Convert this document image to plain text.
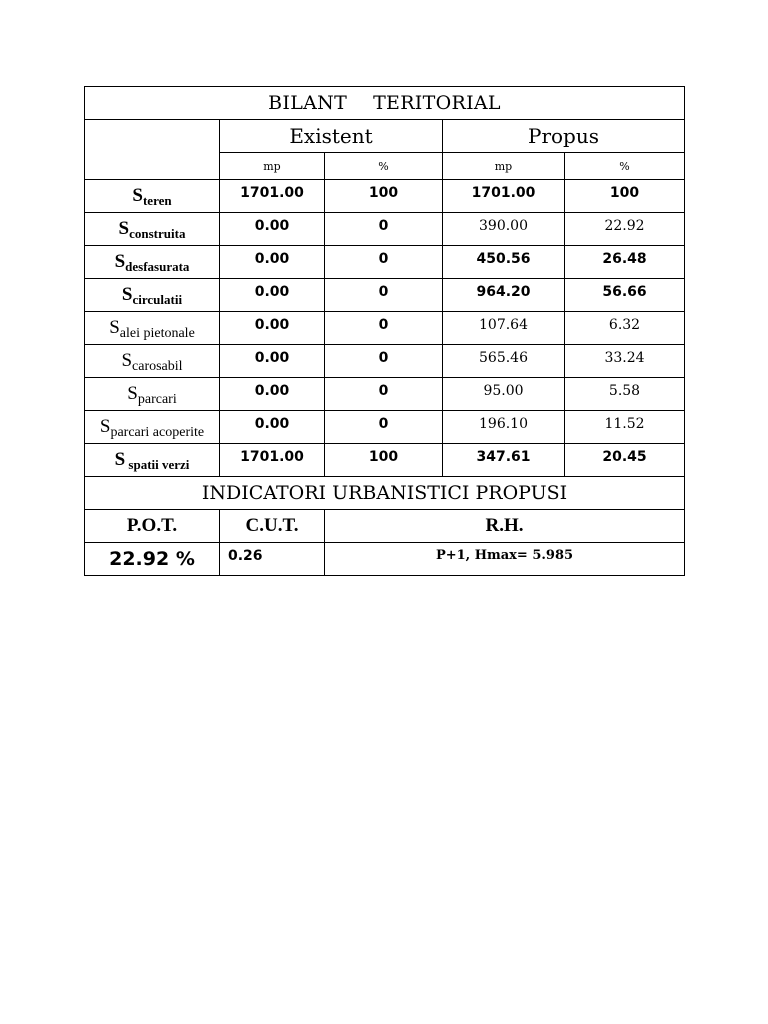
BILANT TERITORIAL				
	Existent		Propus	
	mp	%	mp	%
$S_{teren}$	1701.00	100	1701.00	100
$S_{construita}$	0.00	0	390.00	22.92
$S_{desfasurata}$	0.00	0	450.56	26.48
$S_{circulatii}$	0.00	0	964.20	56.66
Salei pietonale	0.00	0	107.64	6.32
Scarosabil	0.00	0	565.46	33.24
Sparcari	0.00	0	95.00	5.58
Sparcari acoperite	0.00	0	196.10	11.52
S $_{spatii verzi}$	1701.00	100	347.61	20.45
INDICATORI URBANISTICI PROPUSI				
P.O.T.	C.U.T.	R.H.		
22.92 %	0.26	P+1, Hmax= 5.985		
